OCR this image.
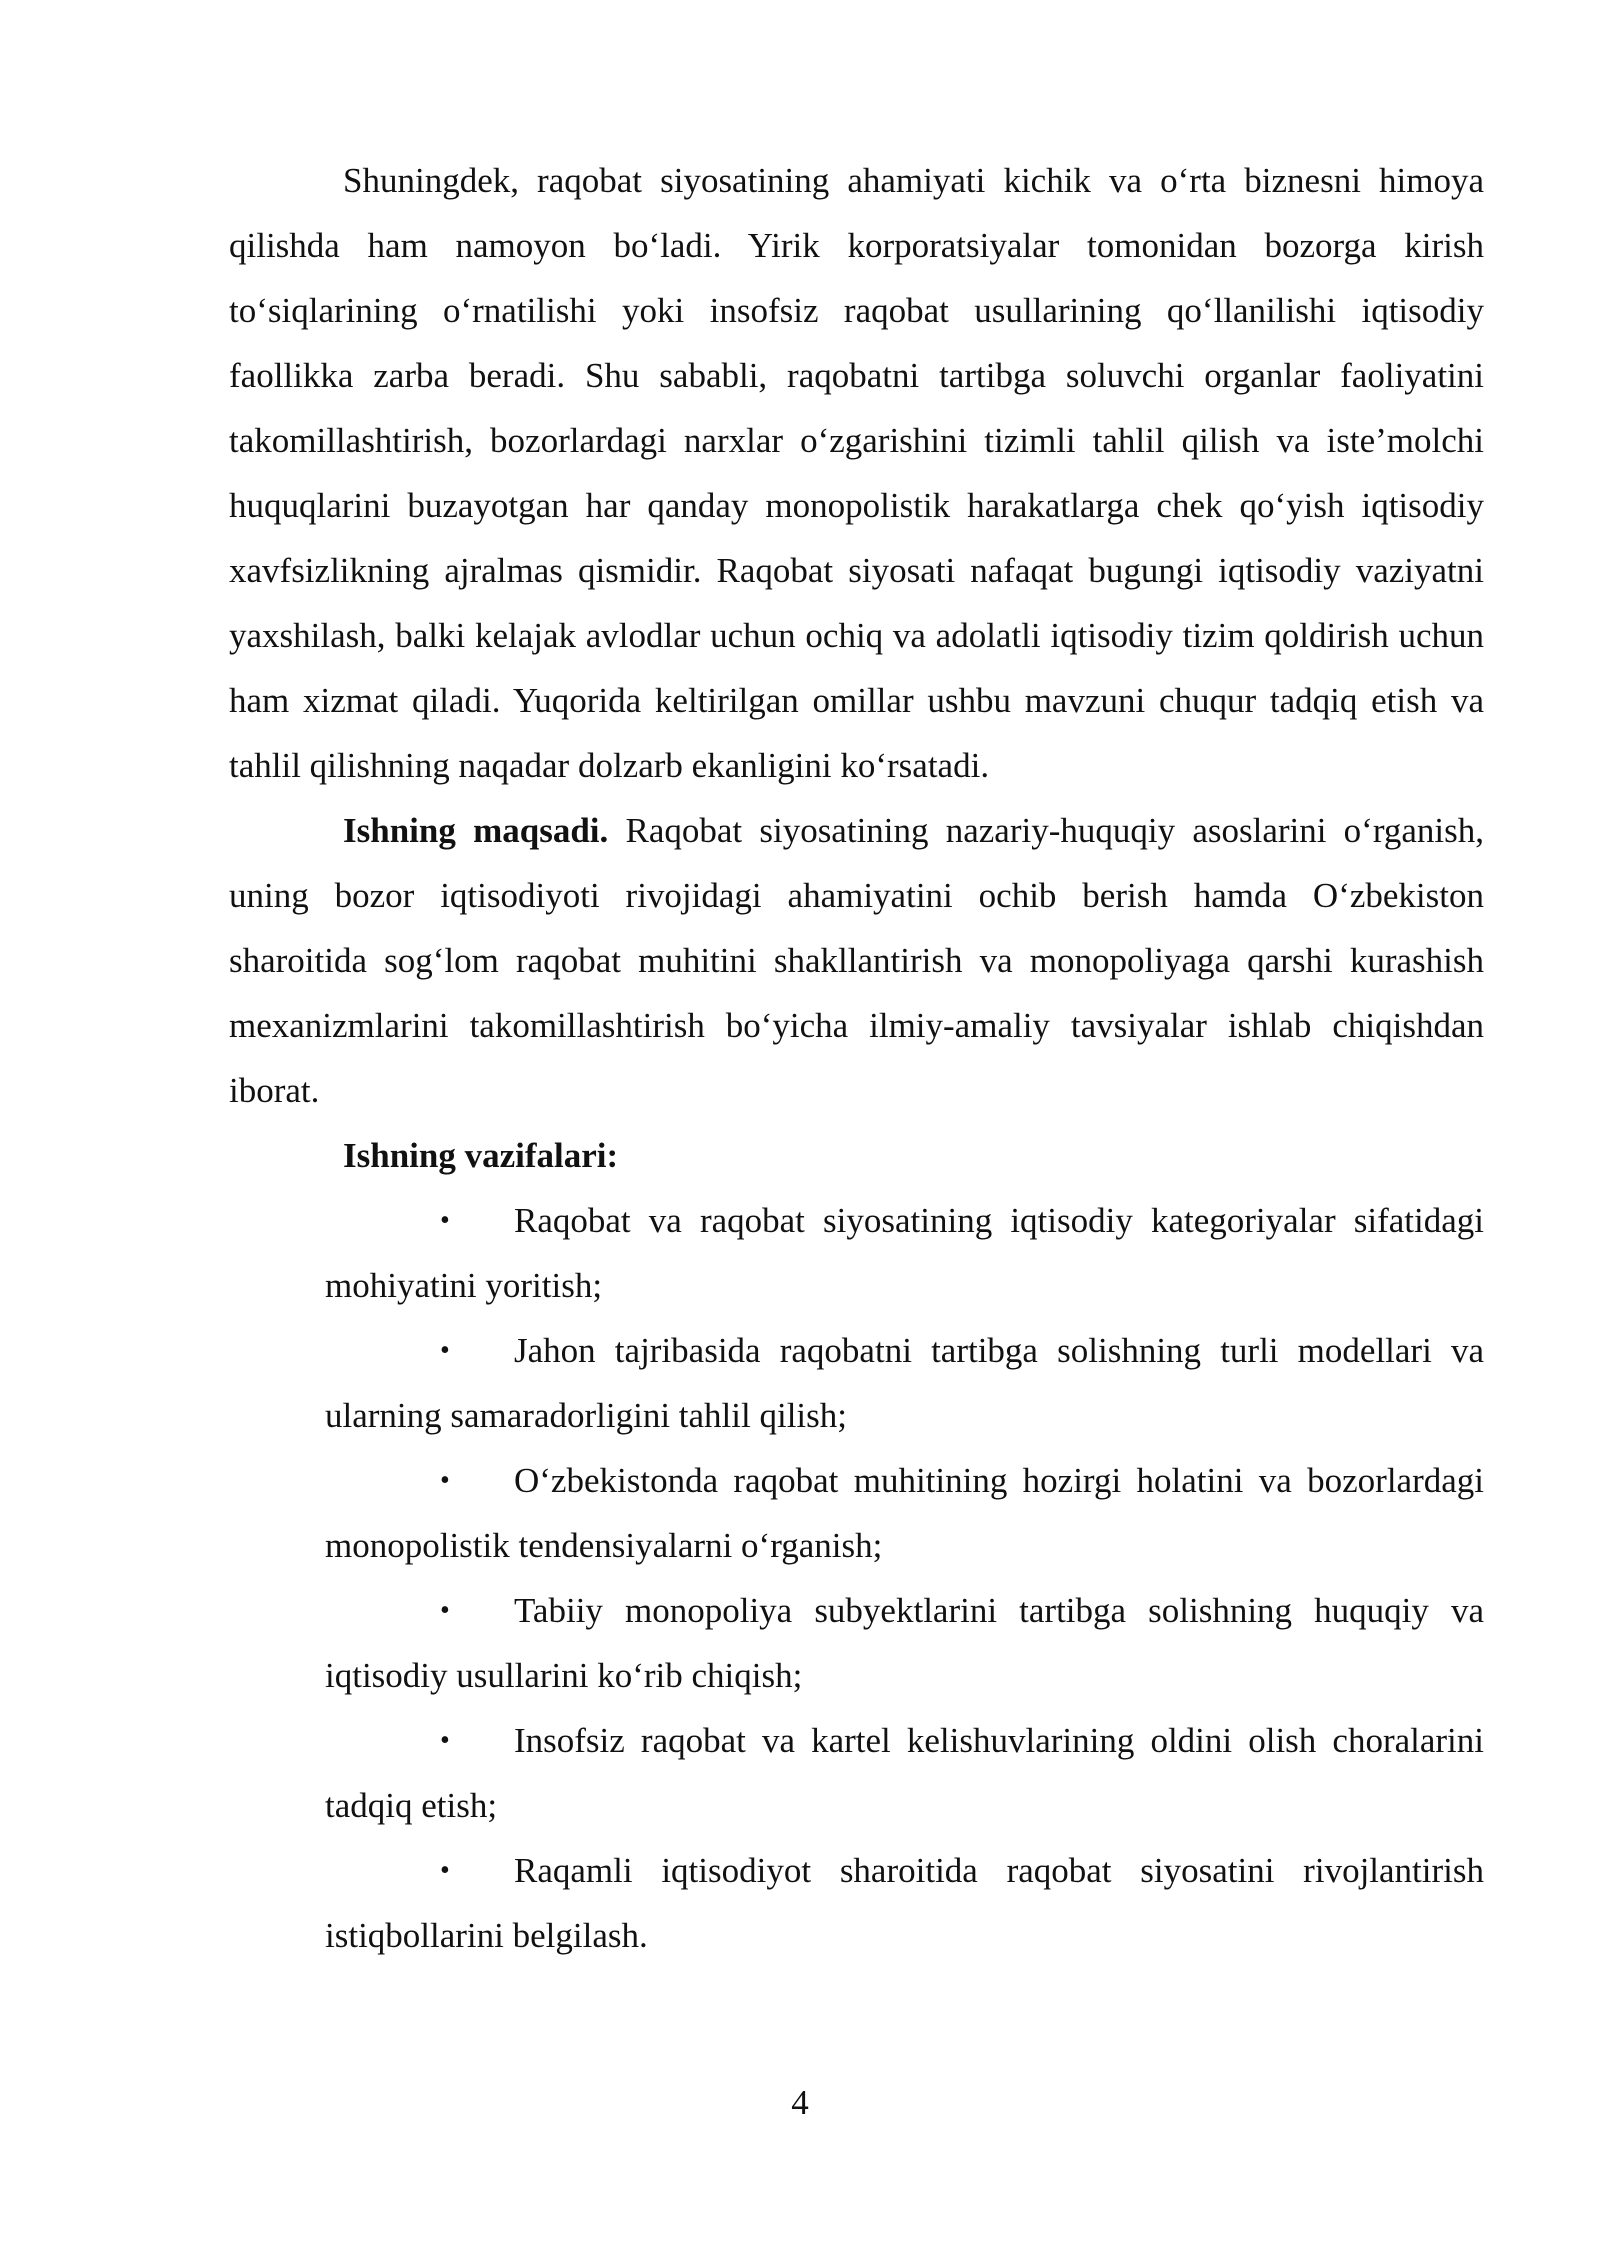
Shuningdek, raqobat siyosatining ahamiyati kichik va o‘rta biznesni himoya qilishda ham namoyon bo‘ladi. Yirik korporatsiyalar tomonidan bozorga kirish to‘siqlarining o‘rnatilishi yoki insofsiz raqobat usullarining qo‘llanilishi iqtisodiy faollikka zarba beradi. Shu sababli, raqobatni tartibga soluvchi organlar faoliyatini takomillashtirish, bozorlardagi narxlar o‘zgarishini tizimli tahlil qilish va iste’molchi huquqlarini buzayotgan har qanday monopolistik harakatlarga chek qo‘yish iqtisodiy xavfsizlikning ajralmas qismidir. Raqobat siyosati nafaqat bugungi iqtisodiy vaziyatni yaxshilash, balki kelajak avlodlar uchun ochiq va adolatli iqtisodiy tizim qoldirish uchun ham xizmat qiladi. Yuqorida keltirilgan omillar ushbu mavzuni chuqur tadqiq etish va tahlil qilishning naqadar dolzarb ekanligini ko‘rsatadi.

Ishning maqsadi. Raqobat siyosatining nazariy-huquqiy asoslarini o‘rganish, uning bozor iqtisodiyoti rivojidagi ahamiyatini ochib berish hamda O‘zbekiston sharoitida sog‘lom raqobat muhitini shakllantirish va monopoliyaga qarshi kurashish mexanizmlarini takomillashtirish bo‘yicha ilmiy-amaliy tavsiyalar ishlab chiqishdan iborat.

Ishning vazifalari:

• Raqobat va raqobat siyosatining iqtisodiy kategoriyalar sifatidagi mohiyatini yoritish;
• Jahon tajribasida raqobatni tartibga solishning turli modellari va ularning samaradorligini tahlil qilish;
• O‘zbekistonda raqobat muhitining hozirgi holatini va bozorlardagi monopolistik tendensiyalarni o‘rganish;
• Tabiiy monopoliya subyektlarini tartibga solishning huquqiy va iqtisodiy usullarini ko‘rib chiqish;
• Insofsiz raqobat va kartel kelishuvlarining oldini olish choralarini tadqiq etish;
• Raqamli iqtisodiyot sharoitida raqobat siyosatini rivojlantirish istiqbollarini belgilash.
4
